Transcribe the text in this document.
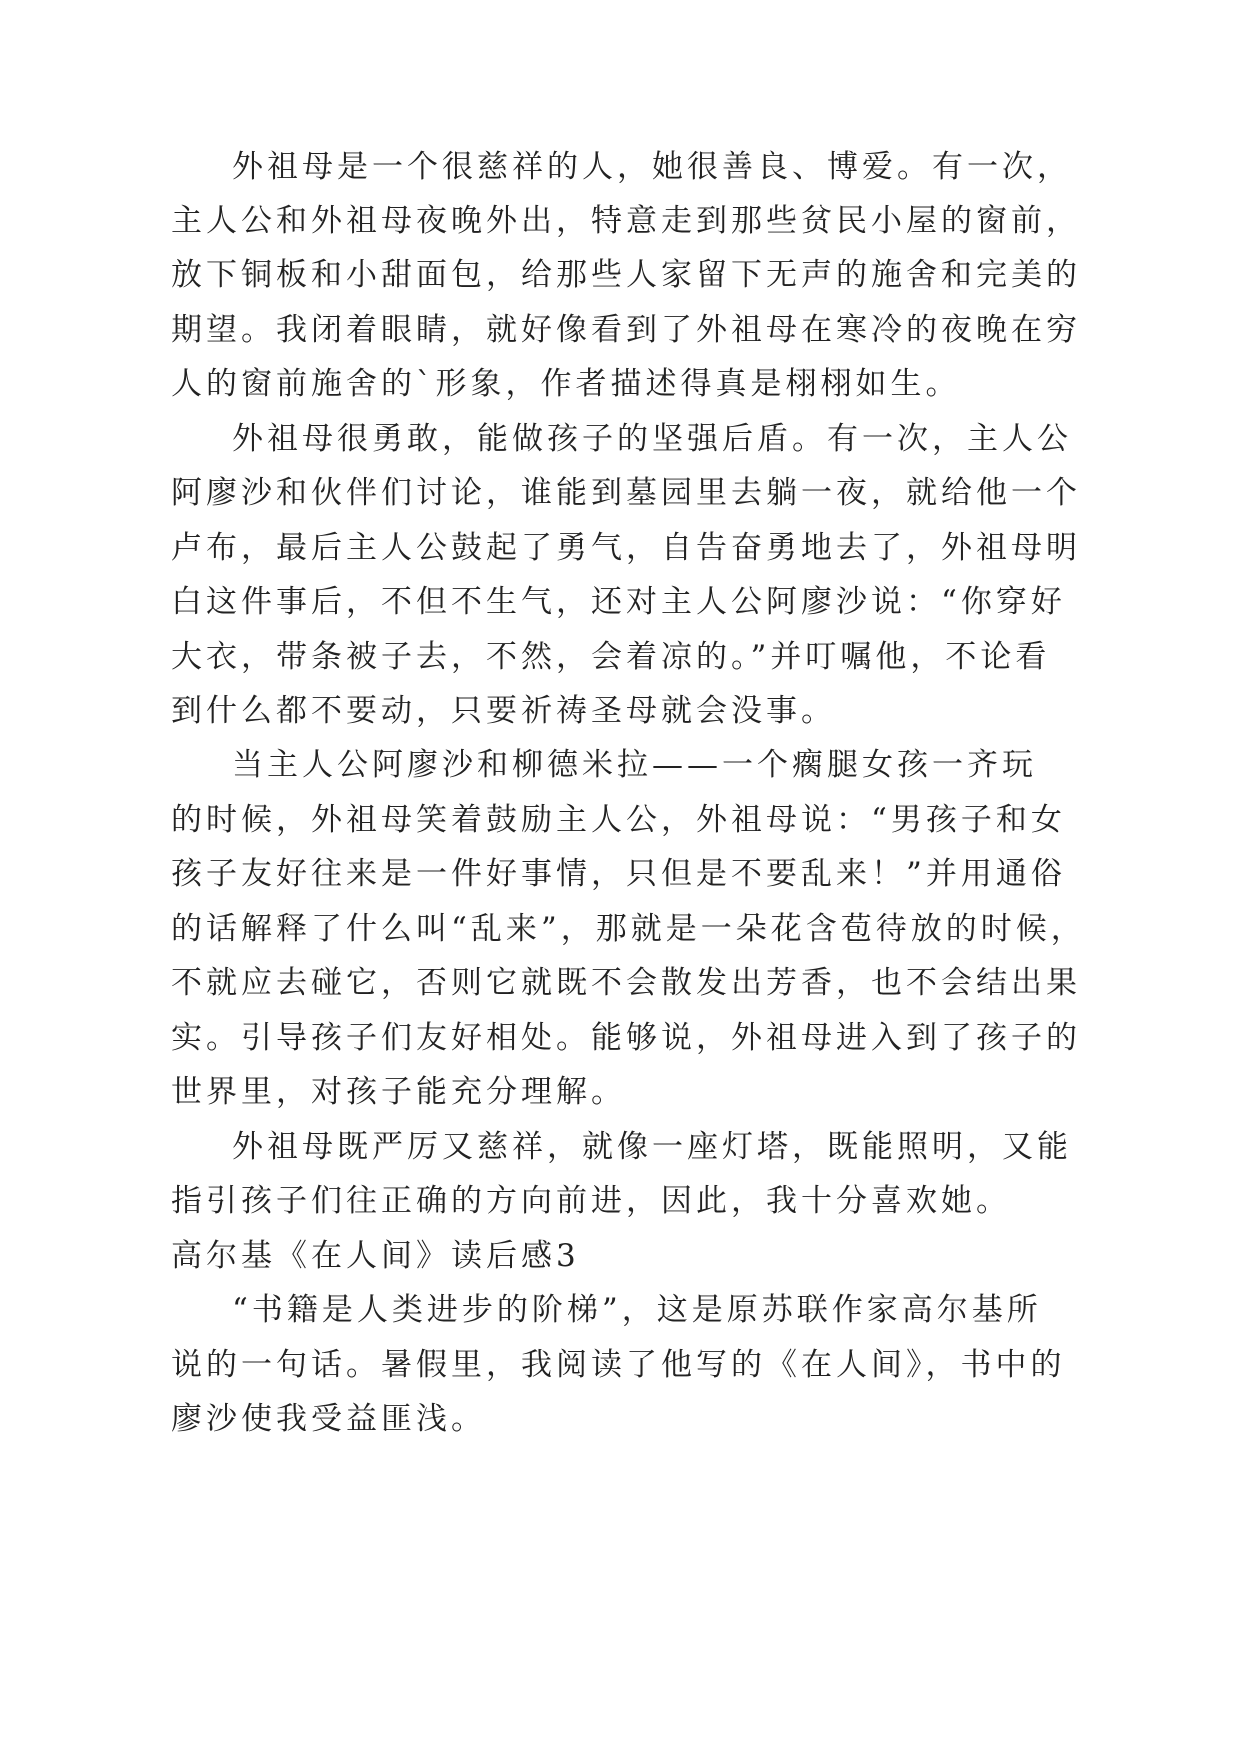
外祖母是一个很慈祥的人，她很善良、博爱。有一次，

主人公和外祖母夜晚外出，特意走到那些贫民小屋的窗前，

放下铜板和小甜面包，给那些人家留下无声的施舍和完美的

期望。我闭着眼睛，就好像看到了外祖母在寒冷的夜晚在穷

人的窗前施舍的`形象，作者描述得真是栩栩如生。

外祖母很勇敢，能做孩子的坚强后盾。有一次，主人公

阿廖沙和伙伴们讨论，谁能到墓园里去躺一夜，就给他一个

卢布，最后主人公鼓起了勇气，自告奋勇地去了，外祖母明

白这件事后，不但不生气，还对主人公阿廖沙说：“你穿好

大衣，带条被子去，不然，会着凉的。”并叮嘱他，不论看

到什么都不要动，只要祈祷圣母就会没事。

当主人公阿廖沙和柳德米拉——一个瘸腿女孩一齐玩

的时候，外祖母笑着鼓励主人公，外祖母说：“男孩子和女

孩子友好往来是一件好事情，只但是不要乱来！”并用通俗

的话解释了什么叫“乱来”，那就是一朵花含苞待放的时候，

不就应去碰它，否则它就既不会散发出芳香，也不会结出果

实。引导孩子们友好相处。能够说，外祖母进入到了孩子的

世界里，对孩子能充分理解。

外祖母既严厉又慈祥，就像一座灯塔，既能照明，又能

指引孩子们往正确的方向前进，因此，我十分喜欢她。

高尔基《在人间》读后感3

“书籍是人类进步的阶梯”，这是原苏联作家高尔基所

说的一句话。暑假里，我阅读了他写的《在人间》，书中的

廖沙使我受益匪浅。
